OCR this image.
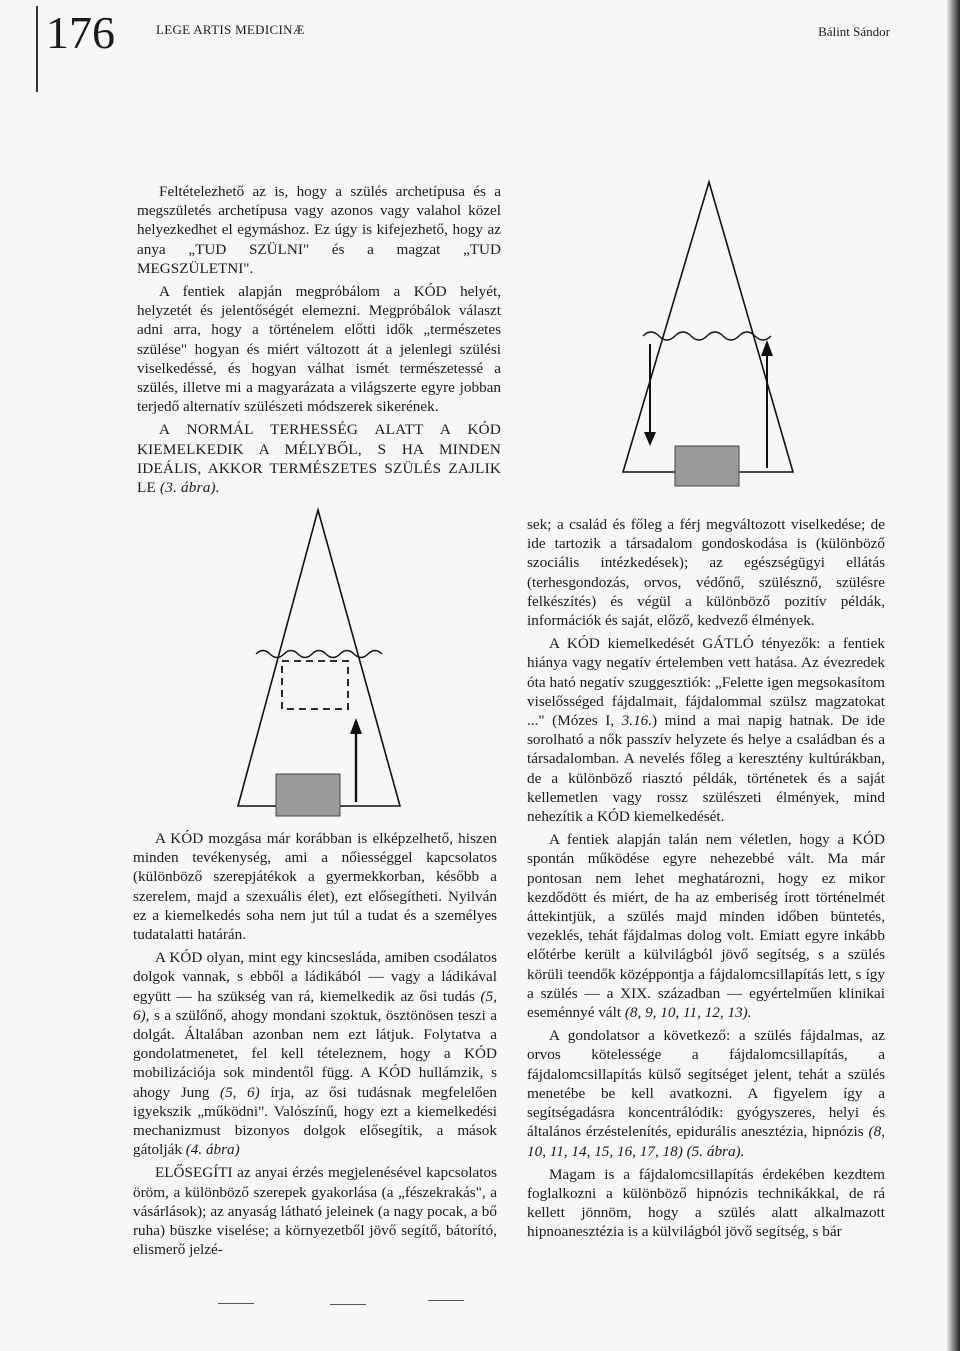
176	LEGE ARTIS MEDICINÆ	Bálint Sándor

Feltételezhető az is, hogy a szülés archetípusa és a megszületés archetípusa vagy azonos vagy valahol közel helyezkedhet el egymáshoz. Ez úgy is kifejezhető, hogy az anya „TUD SZÜLNI" és a magzat „TUD MEGSZÜLETNI".

A fentiek alapján megpróbálom a KÓD helyét, helyzetét és jelentőségét elemezni. Megpróbálok választ adni arra, hogy a történelem előtti idők „természetes szülése" hogyan és miért változott át a jelenlegi szülési viselkedéssé, és hogyan válhat ismét természetessé a szülés, illetve mi a magyarázata a világszerte egyre jobban terjedő alternatív szülészeti módszerek sikerének.

A NORMÁL TERHESSÉG ALATT A KÓD KIEMELKEDIK A MÉLYBŐL, S HA MINDEN IDEÁLIS, AKKOR TERMÉSZETES SZÜLÉS ZAJLIK LE (3. ábra).

A KÓD mozgása már korábban is elképzelhető, hiszen minden tevékenység, ami a nőiességgel kapcsolatos (különböző szerepjátékok a gyermekkorban, később a szerelem, majd a szexuális élet), ezt elősegítheti. Nyilván ez a kiemelkedés soha nem jut túl a tudat és a személyes tudatalatti határán.

A KÓD olyan, mint egy kincsesláda, amiben csodálatos dolgok vannak, s ebből a ládikából — vagy a ládikával együtt — ha szükség van rá, kiemelkedik az ősi tudás (5, 6), s a szülőnő, ahogy mondani szoktuk, ösztönösen teszi a dolgát. Általában azonban nem ezt látjuk. Folytatva a gondolatmenetet, fel kell tételeznem, hogy a KÓD mobilizációja sok mindentől függ. A KÓD hullámzik, s ahogy Jung (5, 6) írja, az ősi tudásnak megfelelően igyekszik „működni". Valószínű, hogy ezt a kiemelkedési mechanizmust bizonyos dolgok elősegítik, a mások gátolják (4. ábra)

ELŐSEGÍTI az anyai érzés megjelenésével kapcsolatos öröm, a különböző szerepek gyakorlása (a „fészekrakás", a vásárlások); az anyaság látható jeleinek (a nagy pocak, a bő ruha) büszke viselése; a környezetből jövő segítő, bátorító, elismerő jelzé-

sek; a család és főleg a férj megváltozott viselkedése; de ide tartozik a társadalom gondoskodása is (különböző szociális intézkedések); az egészségügyi ellátás (terhesgondozás, orvos, védőnő, szülésznő, szülésre felkészítés) és végül a különböző pozitív példák, információk és saját, előző, kedvező élmények.

A KÓD kiemelkedését GÁTLÓ tényezők: a fentiek hiánya vagy negatív értelemben vett hatása. Az évezredek óta ható negatív szuggesztiók: „Felette igen megsokasítom viselősséged fájdalmait, fájdalommal szülsz magzatokat ..." (Mózes I, 3.16.) mind a mai napig hatnak. De ide sorolható a nők passzív helyzete és helye a családban és a társadalomban. A nevelés főleg a keresztény kultúrákban, de a különböző riasztó példák, történetek és a saját kellemetlen vagy rossz szülészeti élmények, mind nehezítik a KÓD kiemelkedését.

A fentiek alapján talán nem véletlen, hogy a KÓD spontán működése egyre nehezebbé vált. Ma már pontosan nem lehet meghatározni, hogy ez mikor kezdődött és miért, de ha az emberiség írott történelmét áttekintjük, a szülés majd minden időben büntetés, vezeklés, tehát fájdalmas dolog volt. Emiatt egyre inkább előtérbe került a külvilágból jövő segítség, s a szülés körüli teendők középpontja a fájdalomcsillapítás lett, s így a szülés — a XIX. században — egyértelműen klinikai eseménnyé vált (8, 9, 10, 11, 12, 13).

A gondolatsor a következő: a szülés fájdalmas, az orvos kötelessége a fájdalomcsillapítás, a fájdalomcsillapítás külső segítséget jelent, tehát a szülés menetébe be kell avatkozni. A figyelem így a segítségadásra koncentrálódik: gyógyszeres, helyi és általános érzéstelenítés, epidurális anesztézia, hipnózis (8, 10, 11, 14, 15, 16, 17, 18) (5. ábra).

Magam is a fájdalomcsillapítás érdekében kezdtem foglalkozni a különböző hipnózis technikákkal, de rá kellett jönnöm, hogy a szülés alatt alkalmazott hipnoanesztézia is a külvilágból jövő segítség, s bár
